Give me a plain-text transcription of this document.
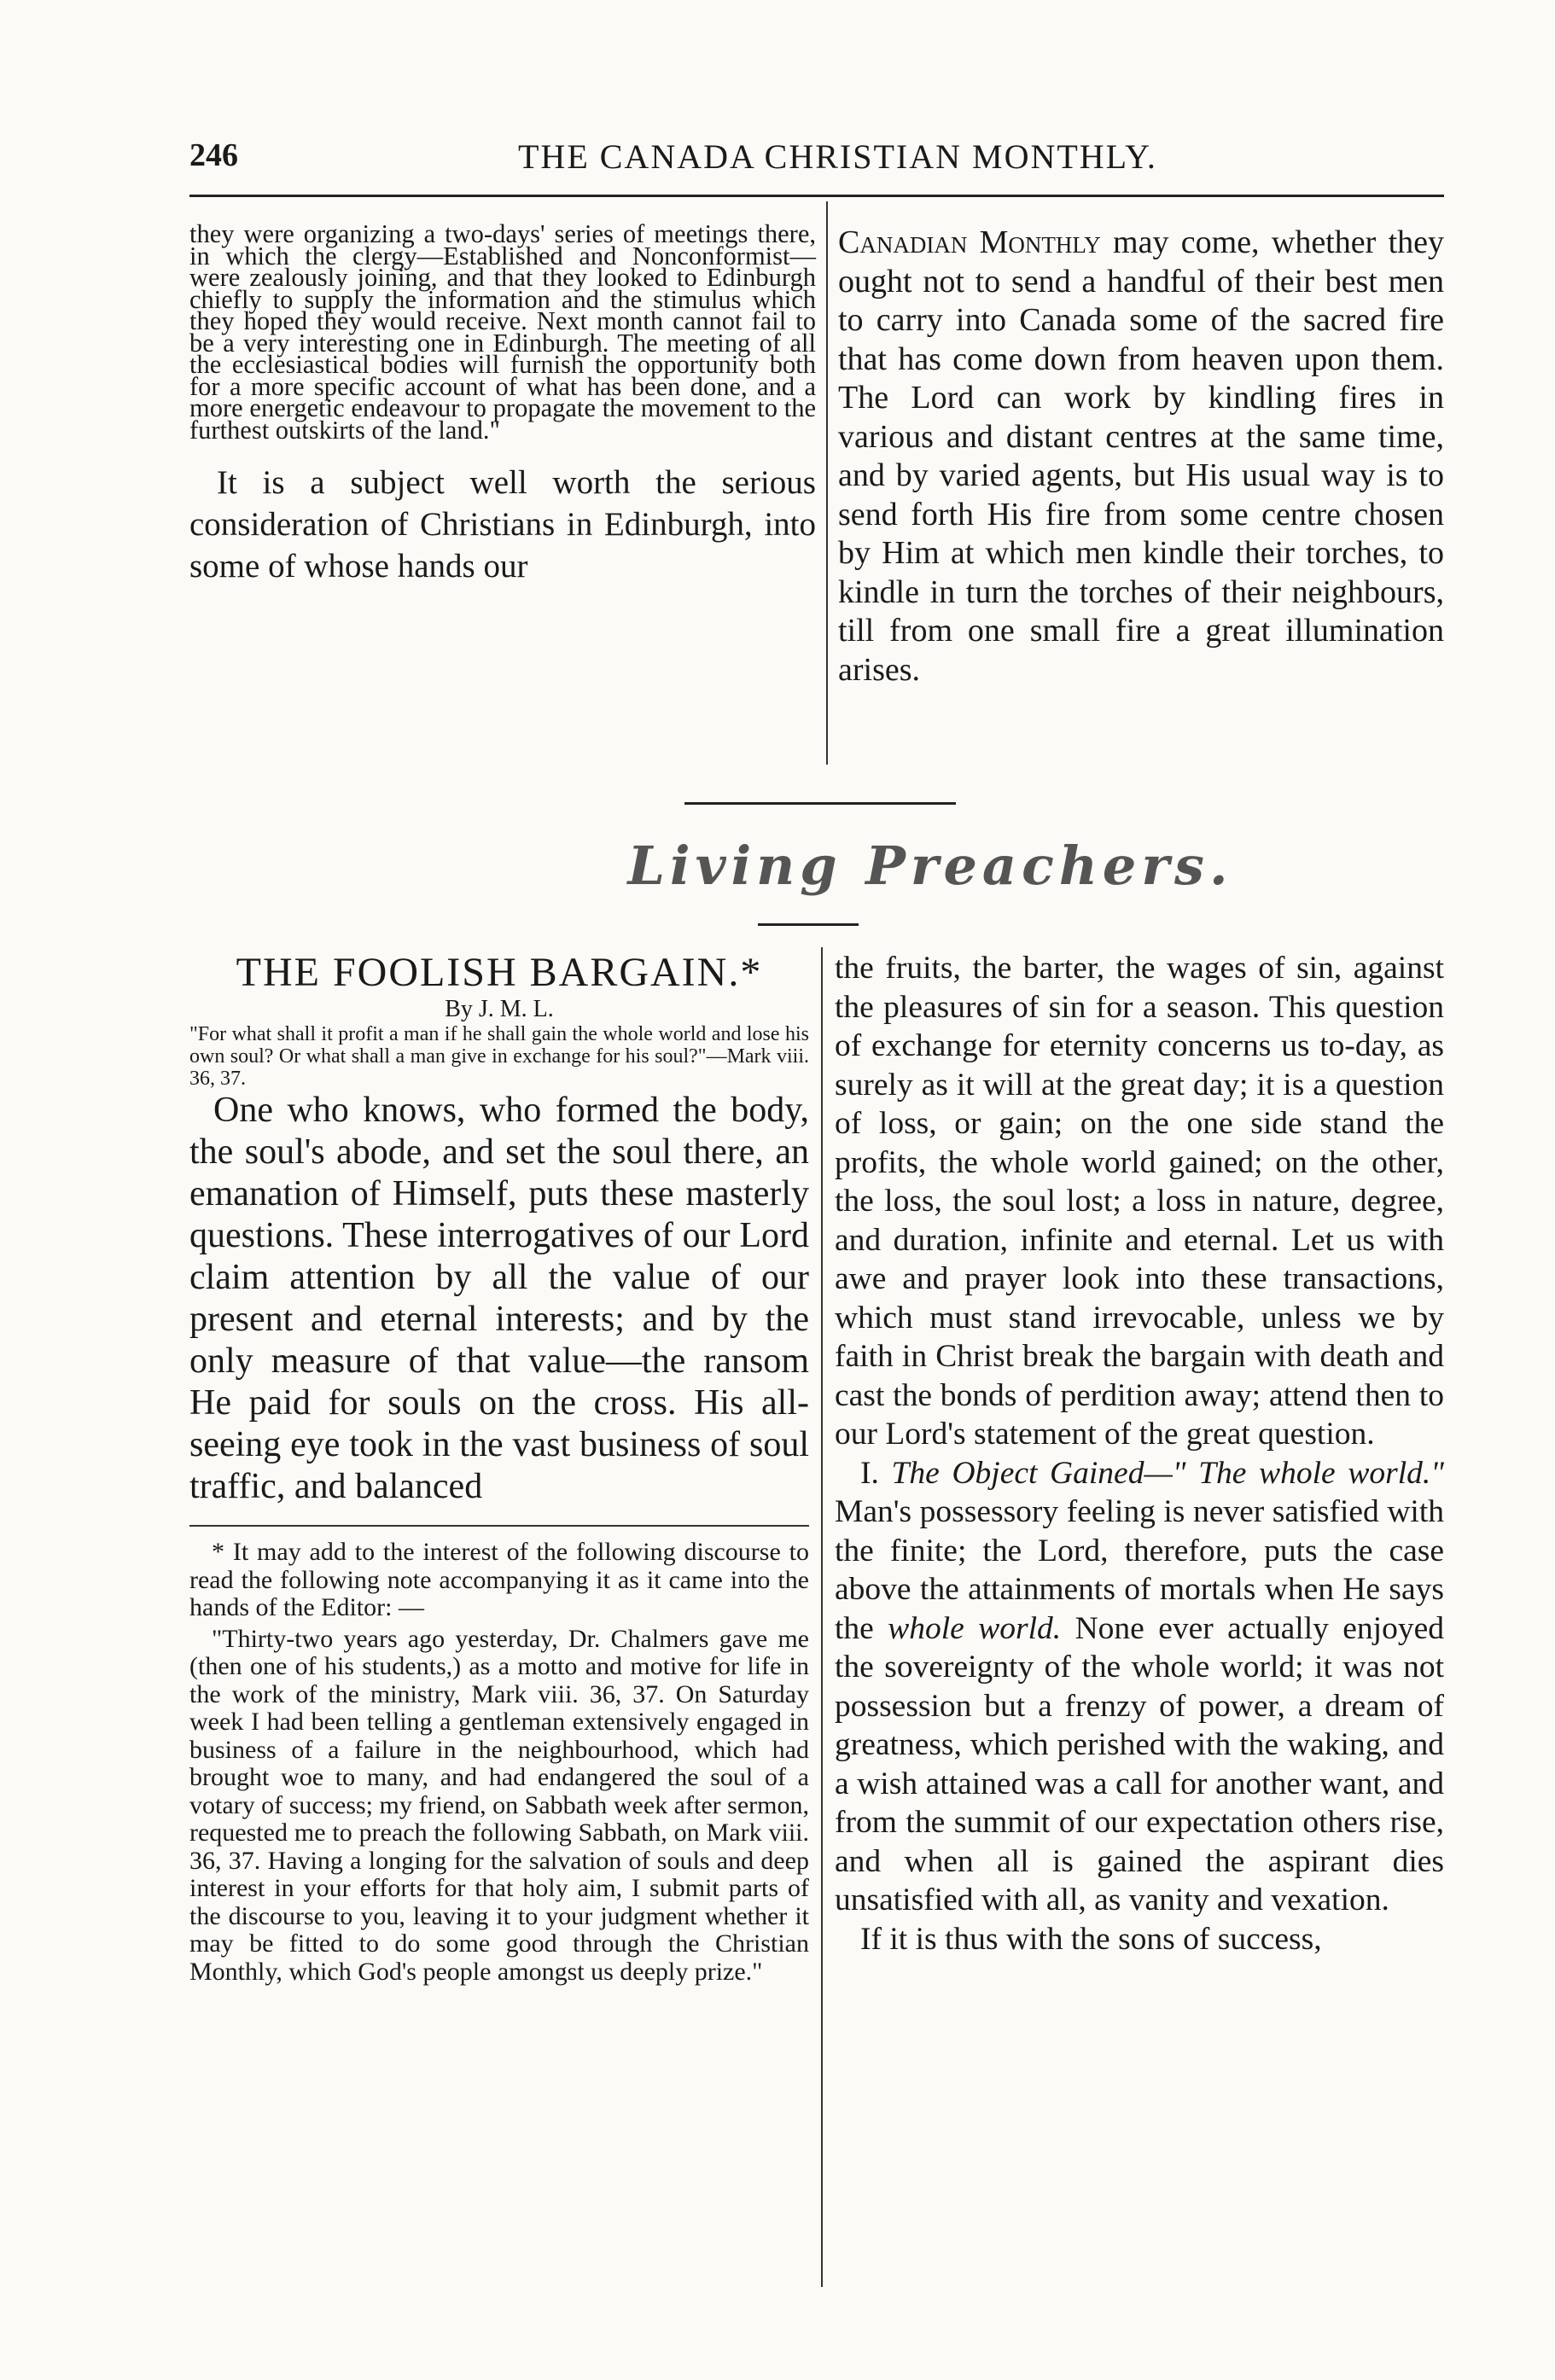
246	THE CANADA CHRISTIAN MONTHLY.

they were organizing a two-days' series of meetings there, in which the clergy—Established and Nonconformist—were zealously joining, and that they looked to Edinburgh chiefly to supply the information and the stimulus which they hoped they would receive. Next month cannot fail to be a very interesting one in Edinburgh. The meeting of all the ecclesiastical bodies will furnish the opportunity both for a more specific account of what has been done, and a more energetic endeavour to propagate the movement to the furthest outskirts of the land."

It is a subject well worth the serious consideration of Christians in Edinburgh, into some of whose hands our

Canadian Monthly may come, whether they ought not to send a handful of their best men to carry into Canada some of the sacred fire that has come down from heaven upon them. The Lord can work by kindling fires in various and distant centres at the same time, and by varied agents, but His usual way is to send forth His fire from some centre chosen by Him at which men kindle their torches, to kindle in turn the torches of their neighbours, till from one small fire a great illumination arises.

Living Preachers.

THE FOOLISH BARGAIN.*

By J. M. L.

"For what shall it profit a man if he shall gain the whole world and lose his own soul? Or what shall a man give in exchange for his soul?"—Mark viii. 36, 37.

One who knows, who formed the body, the soul's abode, and set the soul there, an emanation of Himself, puts these masterly questions. These interrogatives of our Lord claim attention by all the value of our present and eternal interests; and by the only measure of that value—the ransom He paid for souls on the cross. His all-seeing eye took in the vast business of soul traffic, and balanced

* It may add to the interest of the following discourse to read the following note accompanying it as it came into the hands of the Editor: —

"Thirty-two years ago yesterday, Dr. Chalmers gave me (then one of his students,) as a motto and motive for life in the work of the ministry, Mark viii. 36, 37. On Saturday week I had been telling a gentleman extensively engaged in business of a failure in the neighbourhood, which had brought woe to many, and had endangered the soul of a votary of success; my friend, on Sabbath week after sermon, requested me to preach the following Sabbath, on Mark viii. 36, 37. Having a longing for the salvation of souls and deep interest in your efforts for that holy aim, I submit parts of the discourse to you, leaving it to your judgment whether it may be fitted to do some good through the Christian Monthly, which God's people amongst us deeply prize."

the fruits, the barter, the wages of sin, against the pleasures of sin for a season. This question of exchange for eternity concerns us to-day, as surely as it will at the great day; it is a question of loss, or gain; on the one side stand the profits, the whole world gained; on the other, the loss, the soul lost; a loss in nature, degree, and duration, infinite and eternal. Let us with awe and prayer look into these transactions, which must stand irrevocable, unless we by faith in Christ break the bargain with death and cast the bonds of perdition away; attend then to our Lord's statement of the great question.

I. The Object Gained—" The whole world." Man's possessory feeling is never satisfied with the finite; the Lord, therefore, puts the case above the attainments of mortals when He says the whole world. None ever actually enjoyed the sovereignty of the whole world; it was not possession but a frenzy of power, a dream of greatness, which perished with the waking, and a wish attained was a call for another want, and from the summit of our expectation others rise, and when all is gained the aspirant dies unsatisfied with all, as vanity and vexation.

If it is thus with the sons of success,
